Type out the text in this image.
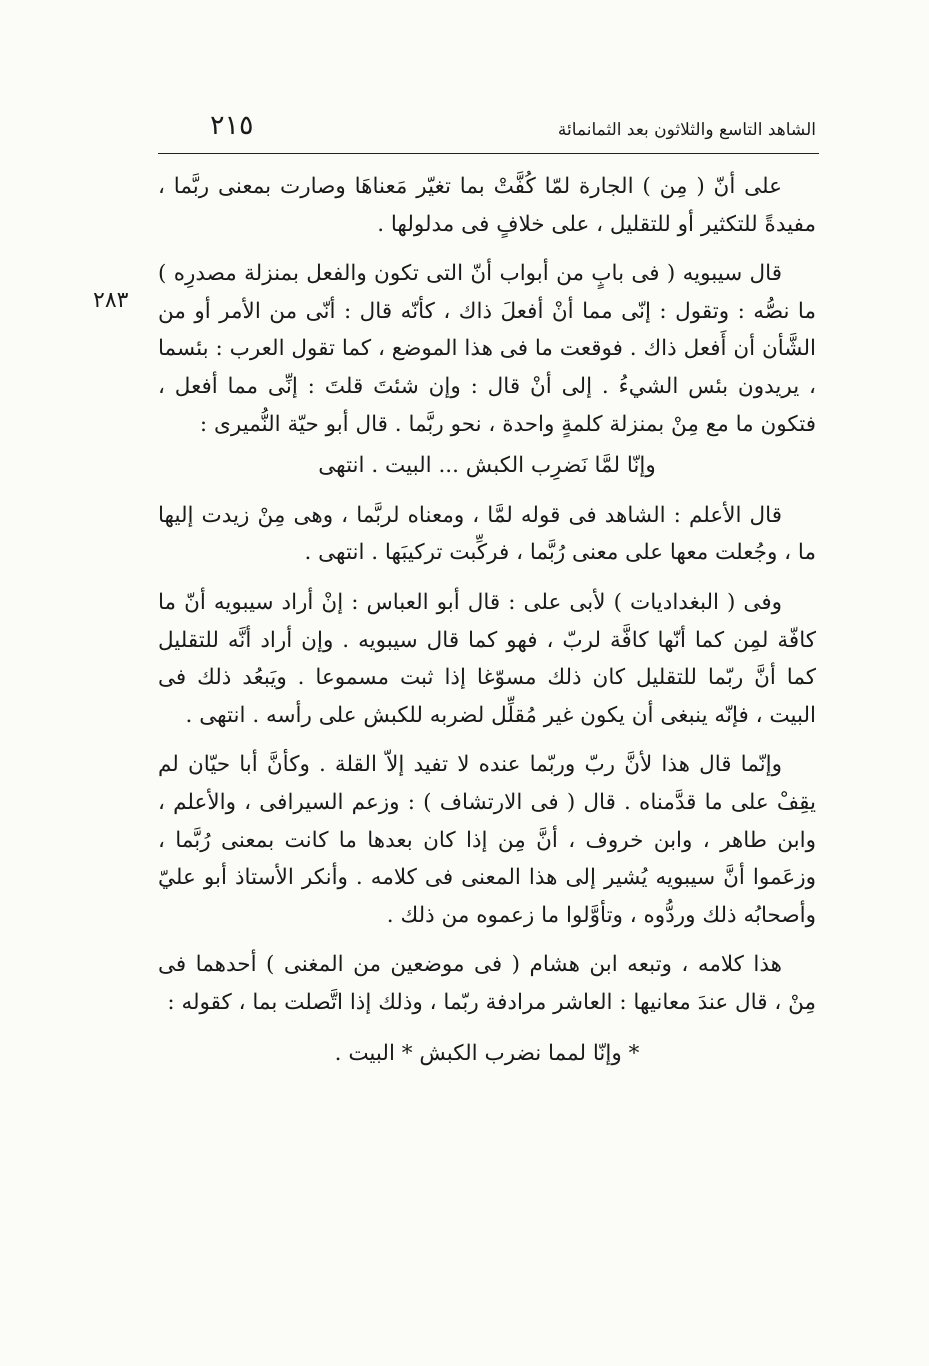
الشاهد التاسع والثلاثون بعد الثمانمائة
٢١٥
٢٨٣

على أنّ ( مِن ) الجارة لمّا كُفَّتْ بما تغيّر مَعناهَا وصارت بمعنى ربَّما ، مفيدةً للتكثير أو للتقليل ، على خلافٍ فى مدلولها .

قال سيبويه ( فى بابٍ من أبواب أنّ التى تكون والفعل بمنزلة مصدرِه ) ما نصُّه : وتقول : إنّى مما أنْ أفعلَ ذاك ، كأنّه قال : أنّى من الأمر أو من الشَّأن أن أَفعل ذاك . فوقعت ما فى هذا الموضع ، كما تقول العرب : بئسما ، يريدون بئس الشيءُ . إلى أنْ قال : وإن شئتَ قلتَ : إنِّى مما أفعل ، فتكون ما مع مِنْ بمنزلة كلمةٍ واحدة ، نحو ربَّما . قال أبو حيّة النُّميرى :

وإنّا لمَّا نَضرِب الكبش ... البيت . انتهى

قال الأعلم : الشاهد فى قوله لمَّا ، ومعناه لربَّما ، وهى مِنْ زيدت إليها ما ، وجُعلت معها على معنى رُبَّما ، فركِّبت تركيبَها . انتهى .

وفى ( البغداديات ) لأبى على : قال أبو العباس : إنْ أراد سيبويه أنّ ما كافّة لمِن كما أنّها كافَّة لربّ ، فهو كما قال سيبويه . وإن أراد أنَّه للتقليل كما أنَّ ربّما للتقليل كان ذلك مسوّغا إذا ثبت مسموعا . ويَبعُد ذلك فى البيت ، فإنّه ينبغى أن يكون غير مُقلِّل لضربه للكبش على رأسه . انتهى .

وإنّما قال هذا لأنَّ ربّ وربّما عنده لا تفيد إلاّ القلة . وكأنَّ أبا حيّان لم يقِفْ على ما قدَّمناه . قال ( فى الارتشاف ) : وزعم السيرافى ، والأعلم ، وابن طاهر ، وابن خروف ، أنَّ مِن إذا كان بعدها ما كانت بمعنى رُبَّما ، وزعَموا أنَّ سيبويه يُشير إلى هذا المعنى فى كلامه . وأنكر الأستاذ أبو عليّ وأصحابُه ذلك وردُّوه ، وتأوَّلوا ما زعموه من ذلك .

هذا كلامه ، وتبعه ابن هشام ( فى موضعين من المغنى ) أحدهما فى مِنْ ، قال عندَ معانيها : العاشر مرادفة ربّما ، وذلك إذا اتَّصلت بما ، كقوله :

* وإنّا لمما نضرب الكبش * البيت .
